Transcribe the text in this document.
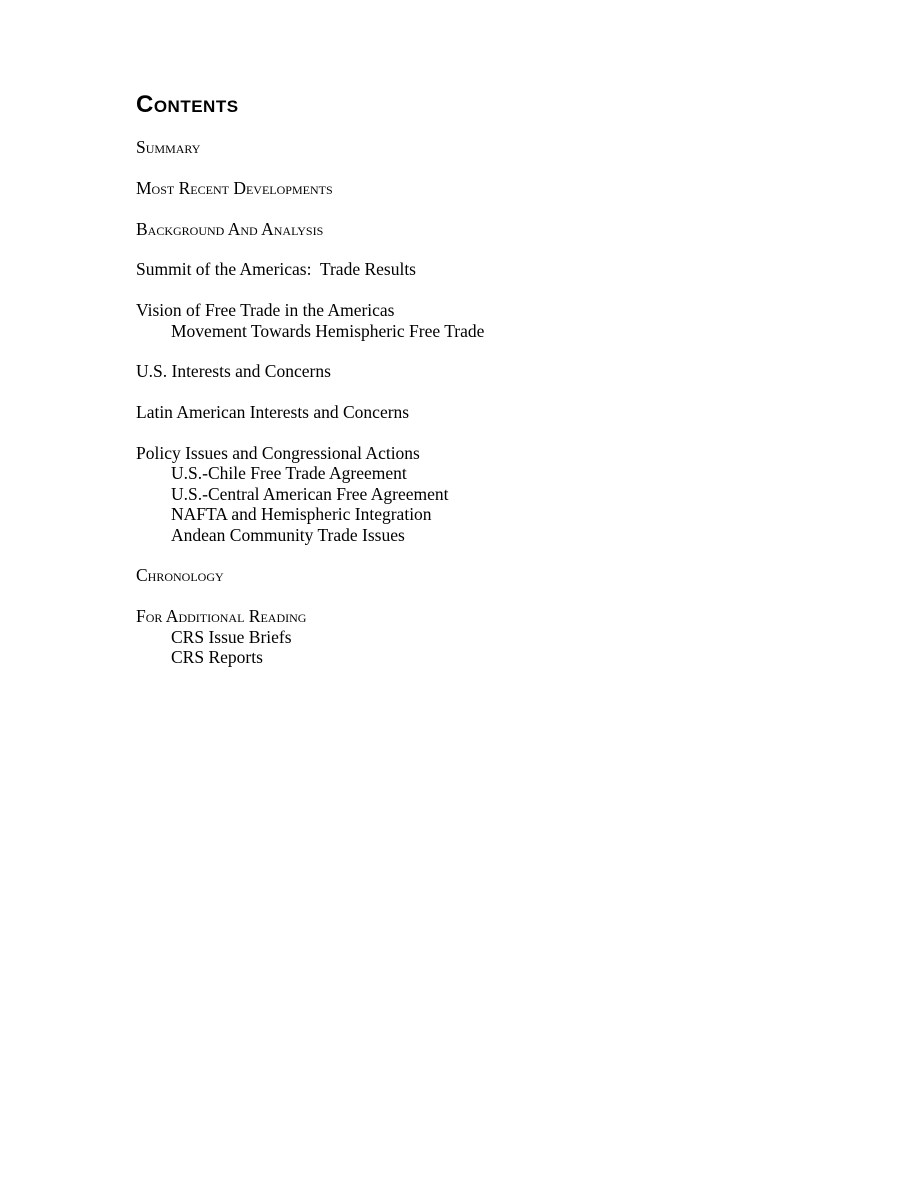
Contents
Summary
Most Recent Developments
Background And Analysis
Summit of the Americas:  Trade Results
Vision of Free Trade in the Americas
Movement Towards Hemispheric Free Trade
U.S. Interests and Concerns
Latin American Interests and Concerns
Policy Issues and Congressional Actions
U.S.-Chile Free Trade Agreement
U.S.-Central American Free Agreement
NAFTA and Hemispheric Integration
Andean Community Trade Issues
Chronology
For Additional Reading
CRS Issue Briefs
CRS Reports
